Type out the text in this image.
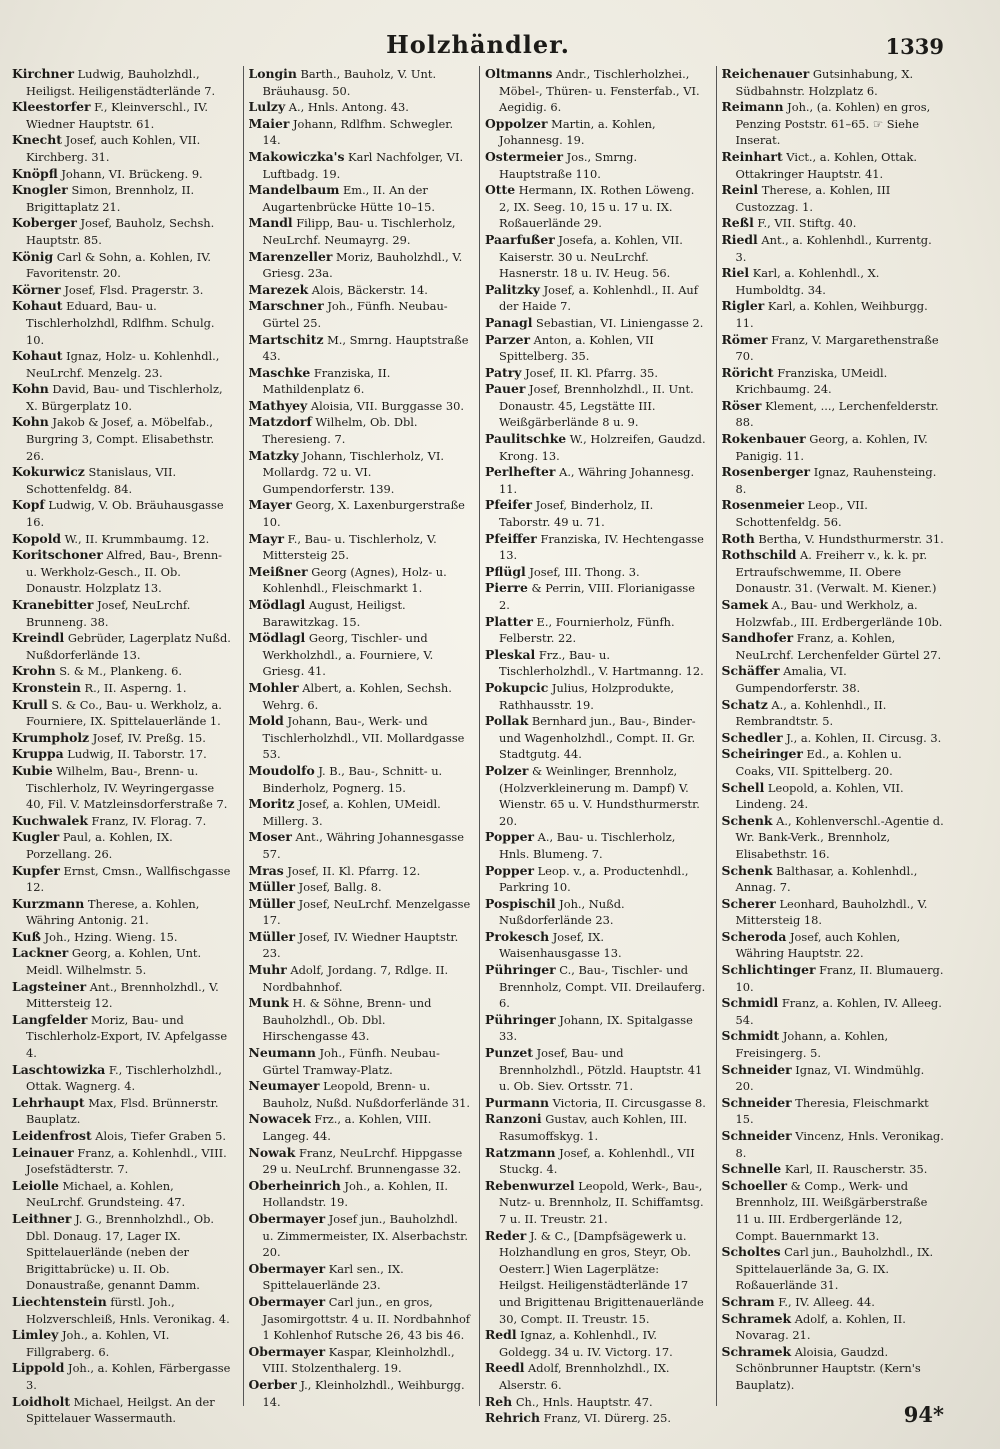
Holzhändler.	1339

Kirchner Ludwig, Bauholzhdl., Heiligst. Heiligenstädterlände 7.

Kleestorfer F., Kleinverschl., IV. Wiedner Hauptstr. 61.

Knecht Josef, auch Kohlen, VII. Kirchberg. 31.

Knöpfl Johann, VI. Brückeng. 9.

Knogler Simon, Brennholz, II. Brigittaplatz 21.

Koberger Josef, Bauholz, Sechsh. Hauptstr. 85.

König Carl & Sohn, a. Kohlen, IV. Favoritenstr. 20.

Körner Josef, Flsd. Pragerstr. 3.

Kohaut Eduard, Bau- u. Tischlerholzhdl, Rdlfhm. Schulg. 10.

Kohaut Ignaz, Holz- u. Kohlenhdl., NeuLrchf. Menzelg. 23.

Kohn David, Bau- und Tischlerholz, X. Bürgerplatz 10.

Kohn Jakob & Josef, a. Möbelfab., Burgring 3, Compt. Elisabethstr. 26.

Kokurwicz Stanislaus, VII. Schottenfeldg. 84.

Kopf Ludwig, V. Ob. Bräuhausgasse 16.

Kopold W., II. Krummbaumg. 12.

Koritschoner Alfred, Bau-, Brenn- u. Werkholz-Gesch., II. Ob. Donaustr. Holzplatz 13.

Kranebitter Josef, NeuLrchf. Brunneng. 38.

Kreindl Gebrüder, Lagerplatz Nußd. Nußdorferlände 13.

Krohn S. & M., Plankeng. 6.

Kronstein R., II. Asperng. 1.

Krull S. & Co., Bau- u. Werkholz, a. Fourniere, IX. Spittelauerlände 1.

Krumpholz Josef, IV. Preßg. 15.

Kruppa Ludwig, II. Taborstr. 17.

Kubie Wilhelm, Bau-, Brenn- u. Tischlerholz, IV. Weyringergasse 40, Fil. V. Matzleinsdorferstraße 7.

Kuchwalek Franz, IV. Florag. 7.

Kugler Paul, a. Kohlen, IX. Porzellang. 26.

Kupfer Ernst, Cmsn., Wallfischgasse 12.

Kurzmann Therese, a. Kohlen, Währing Antonig. 21.

Kuß Joh., Hzing. Wieng. 15.

Lackner Georg, a. Kohlen, Unt. Meidl. Wilhelmstr. 5.

Lagsteiner Ant., Brennholzhdl., V. Mittersteig 12.

Langfelder Moriz, Bau- und Tischlerholz-Export, IV. Apfelgasse 4.

Laschtowizka F., Tischlerholzhdl., Ottak. Wagnerg. 4.

Lehrhaupt Max, Flsd. Brünnerstr. Bauplatz.

Leidenfrost Alois, Tiefer Graben 5.

Leinauer Franz, a. Kohlenhdl., VIII. Josefstädterstr. 7.

Leiolle Michael, a. Kohlen, NeuLrchf. Grundsteing. 47.

Leithner J. G., Brennholzhdl., Ob. Dbl. Donaug. 17, Lager IX. Spittelauerlände (neben der Brigittabrücke) u. II. Ob. Donaustraße, genannt Damm.

Liechtenstein fürstl. Joh., Holzverschleiß, Hnls. Veronikag. 4.

Limley Joh., a. Kohlen, VI. Fillgraberg. 6.

Lippold Joh., a. Kohlen, Färbergasse 3.

Loidholt Michael, Heilgst. An der Spittelauer Wassermauth.

Longin Barth., Bauholz, V. Unt. Bräuhausg. 50.

Lulzy A., Hnls. Antong. 43.

Maier Johann, Rdlfhm. Schwegler. 14.

Makowiczka's Karl Nachfolger, VI. Luftbadg. 19.

Mandelbaum Em., II. An der Augartenbrücke Hütte 10–15.

Mandl Filipp, Bau- u. Tischlerholz, NeuLrchf. Neumayrg. 29.

Marenzeller Moriz, Bauholzhdl., V. Griesg. 23a.

Marezek Alois, Bäckerstr. 14.

Marschner Joh., Fünfh. Neubau-Gürtel 25.

Martschitz M., Smrng. Hauptstraße 43.

Maschke Franziska, II. Mathildenplatz 6.

Mathyey Aloisia, VII. Burggasse 30.

Matzdorf Wilhelm, Ob. Dbl. Theresieng. 7.

Matzky Johann, Tischlerholz, VI. Mollardg. 72 u. VI. Gumpendorferstr. 139.

Mayer Georg, X. Laxenburgerstraße 10.

Mayr F., Bau- u. Tischlerholz, V. Mittersteig 25.

Meißner Georg (Agnes), Holz- u. Kohlenhdl., Fleischmarkt 1.

Mödlagl August, Heiligst. Barawitzkag. 15.

Mödlagl Georg, Tischler- und Werkholzhdl., a. Fourniere, V. Griesg. 41.

Mohler Albert, a. Kohlen, Sechsh. Wehrg. 6.

Mold Johann, Bau-, Werk- und Tischlerholzhdl., VII. Mollardgasse 53.

Moudolfo J. B., Bau-, Schnitt- u. Binderholz, Pognerg. 15.

Moritz Josef, a. Kohlen, UMeidl. Millerg. 3.

Moser Ant., Währing Johannesgasse 57.

Mras Josef, II. Kl. Pfarrg. 12.

Müller Josef, Ballg. 8.

Müller Josef, NeuLrchf. Menzelgasse 17.

Müller Josef, IV. Wiedner Hauptstr. 23.

Muhr Adolf, Jordang. 7, Rdlge. II. Nordbahnhof.

Munk H. & Söhne, Brenn- und Bauholzhdl., Ob. Dbl. Hirschengasse 43.

Neumann Joh., Fünfh. Neubau-Gürtel Tramway-Platz.

Neumayer Leopold, Brenn- u. Bauholz, Nußd. Nußdorferlände 31.

Nowacek Frz., a. Kohlen, VIII. Langeg. 44.

Nowak Franz, NeuLrchf. Hippgasse 29 u. NeuLrchf. Brunnengasse 32.

Oberheinrich Joh., a. Kohlen, II. Hollandstr. 19.

Obermayer Josef jun., Bauholzhdl. u. Zimmermeister, IX. Alserbachstr. 20.

Obermayer Karl sen., IX. Spittelauerlände 23.

Obermayer Carl jun., en gros, Jasomirgottstr. 4 u. II. Nordbahnhof 1 Kohlenhof Rutsche 26, 43 bis 46.

Obermayer Kaspar, Kleinholzhdl., VIII. Stolzenthalerg. 19.

Oerber J., Kleinholzhdl., Weihburgg. 14.

Oltmanns Andr., Tischlerholzhei., Möbel-, Thüren- u. Fensterfab., VI. Aegidig. 6.

Oppolzer Martin, a. Kohlen, Johannesg. 19.

Ostermeier Jos., Smrng. Hauptstraße 110.

Otte Hermann, IX. Rothen Löweng. 2, IX. Seeg. 10, 15 u. 17 u. IX. Roßauerlände 29.

Paarfußer Josefa, a. Kohlen, VII. Kaiserstr. 30 u. NeuLrchf. Hasnerstr. 18 u. IV. Heug. 56.

Palitzky Josef, a. Kohlenhdl., II. Auf der Haide 7.

Panagl Sebastian, VI. Liniengasse 2.

Parzer Anton, a. Kohlen, VII Spittelberg. 35.

Patry Josef, II. Kl. Pfarrg. 35.

Pauer Josef, Brennholzhdl., II. Unt. Donaustr. 45, Legstätte III. Weißgärberlände 8 u. 9.

Paulitschke W., Holzreifen, Gaudzd. Krong. 13.

Perlhefter A., Währing Johannesg. 11.

Pfeifer Josef, Binderholz, II. Taborstr. 49 u. 71.

Pfeiffer Franziska, IV. Hechtengasse 13.

Pflügl Josef, III. Thong. 3.

Pierre & Perrin, VIII. Florianigasse 2.

Platter E., Fournierholz, Fünfh. Felberstr. 22.

Pleskal Frz., Bau- u. Tischlerholzhdl., V. Hartmanng. 12.

Pokupcic Julius, Holzprodukte, Rathhausstr. 19.

Pollak Bernhard jun., Bau-, Binder- und Wagenholzhdl., Compt. II. Gr. Stadtgutg. 44.

Polzer & Weinlinger, Brennholz, (Holzverkleinerung m. Dampf) V. Wienstr. 65 u. V. Hundsthurmerstr. 20.

Popper A., Bau- u. Tischlerholz, Hnls. Blumeng. 7.

Popper Leop. v., a. Productenhdl., Parkring 10.

Pospischil Joh., Nußd. Nußdorferlände 23.

Prokesch Josef, IX. Waisenhausgasse 13.

Pühringer C., Bau-, Tischler- und Brennholz, Compt. VII. Dreilauferg. 6.

Pühringer Johann, IX. Spitalgasse 33.

Punzet Josef, Bau- und Brennholzhdl., Pötzld. Hauptstr. 41 u. Ob. Siev. Ortsstr. 71.

Purmann Victoria, II. Circusgasse 8.

Ranzoni Gustav, auch Kohlen, III. Rasumoffskyg. 1.

Ratzmann Josef, a. Kohlenhdl., VII Stuckg. 4.

Rebenwurzel Leopold, Werk-, Bau-, Nutz- u. Brennholz, II. Schiffamtsg. 7 u. II. Treustr. 21.

Reder J. & C., [Dampfsägewerk u. Holzhandlung en gros, Steyr, Ob. Oesterr.] Wien Lagerplätze: Heilgst. Heiligenstädterlände 17 und Brigittenau Brigittenauerlände 30, Compt. II. Treustr. 15.

Redl Ignaz, a. Kohlenhdl., IV. Goldegg. 34 u. IV. Victorg. 17.

Reedl Adolf, Brennholzhdl., IX. Alserstr. 6.

Reh Ch., Hnls. Hauptstr. 47.

Rehrich Franz, VI. Dürerg. 25.

Reichenauer Gutsinhabung, X. Südbahnstr. Holzplatz 6.

Reimann Joh., (a. Kohlen) en gros, Penzing Poststr. 61–65. ☞ Siehe Inserat.

Reinhart Vict., a. Kohlen, Ottak. Ottakringer Hauptstr. 41.

Reinl Therese, a. Kohlen, III Custozzag. 1.

Reßl F., VII. Stiftg. 40.

Riedl Ant., a. Kohlenhdl., Kurrentg. 3.

Riel Karl, a. Kohlenhdl., X. Humboldtg. 34.

Rigler Karl, a. Kohlen, Weihburgg. 11.

Römer Franz, V. Margarethenstraße 70.

Röricht Franziska, UMeidl. Krichbaumg. 24.

Röser Klement, ..., Lerchenfelderstr. 88.

Rokenbauer Georg, a. Kohlen, IV. Panigig. 11.

Rosenberger Ignaz, Rauhensteing. 8.

Rosenmeier Leop., VII. Schottenfeldg. 56.

Roth Bertha, V. Hundsthurmerstr. 31.

Rothschild A. Freiherr v., k. k. pr. Ertraufschwemme, II. Obere Donaustr. 31. (Verwalt. M. Kiener.)

Samek A., Bau- und Werkholz, a. Holzwfab., III. Erdbergerlände 10b.

Sandhofer Franz, a. Kohlen, NeuLrchf. Lerchenfelder Gürtel 27.

Schäffer Amalia, VI. Gumpendorferstr. 38.

Schatz A., a. Kohlenhdl., II. Rembrandtstr. 5.

Schedler J., a. Kohlen, II. Circusg. 3.

Scheiringer Ed., a. Kohlen u. Coaks, VII. Spittelberg. 20.

Schell Leopold, a. Kohlen, VII. Lindeng. 24.

Schenk A., Kohlenverschl.-Agentie d. Wr. Bank-Verk., Brennholz, Elisabethstr. 16.

Schenk Balthasar, a. Kohlenhdl., Annag. 7.

Scherer Leonhard, Bauholzhdl., V. Mittersteig 18.

Scheroda Josef, auch Kohlen, Währing Hauptstr. 22.

Schlichtinger Franz, II. Blumauerg. 10.

Schmidl Franz, a. Kohlen, IV. Alleeg. 54.

Schmidt Johann, a. Kohlen, Freisingerg. 5.

Schneider Ignaz, VI. Windmühlg. 20.

Schneider Theresia, Fleischmarkt 15.

Schneider Vincenz, Hnls. Veronikag. 8.

Schnelle Karl, II. Rauscherstr. 35.

Schoeller & Comp., Werk- und Brennholz, III. Weißgärberstraße 11 u. III. Erdbergerlände 12, Compt. Bauernmarkt 13.

Scholtes Carl jun., Bauholzhdl., IX. Spittelauerlände 3a, G. IX. Roßauerlände 31.

Schram F., IV. Alleeg. 44.

Schramek Adolf, a. Kohlen, II. Novarag. 21.

Schramek Aloisia, Gaudzd. Schönbrunner Hauptstr. (Kern's Bauplatz).

94*
